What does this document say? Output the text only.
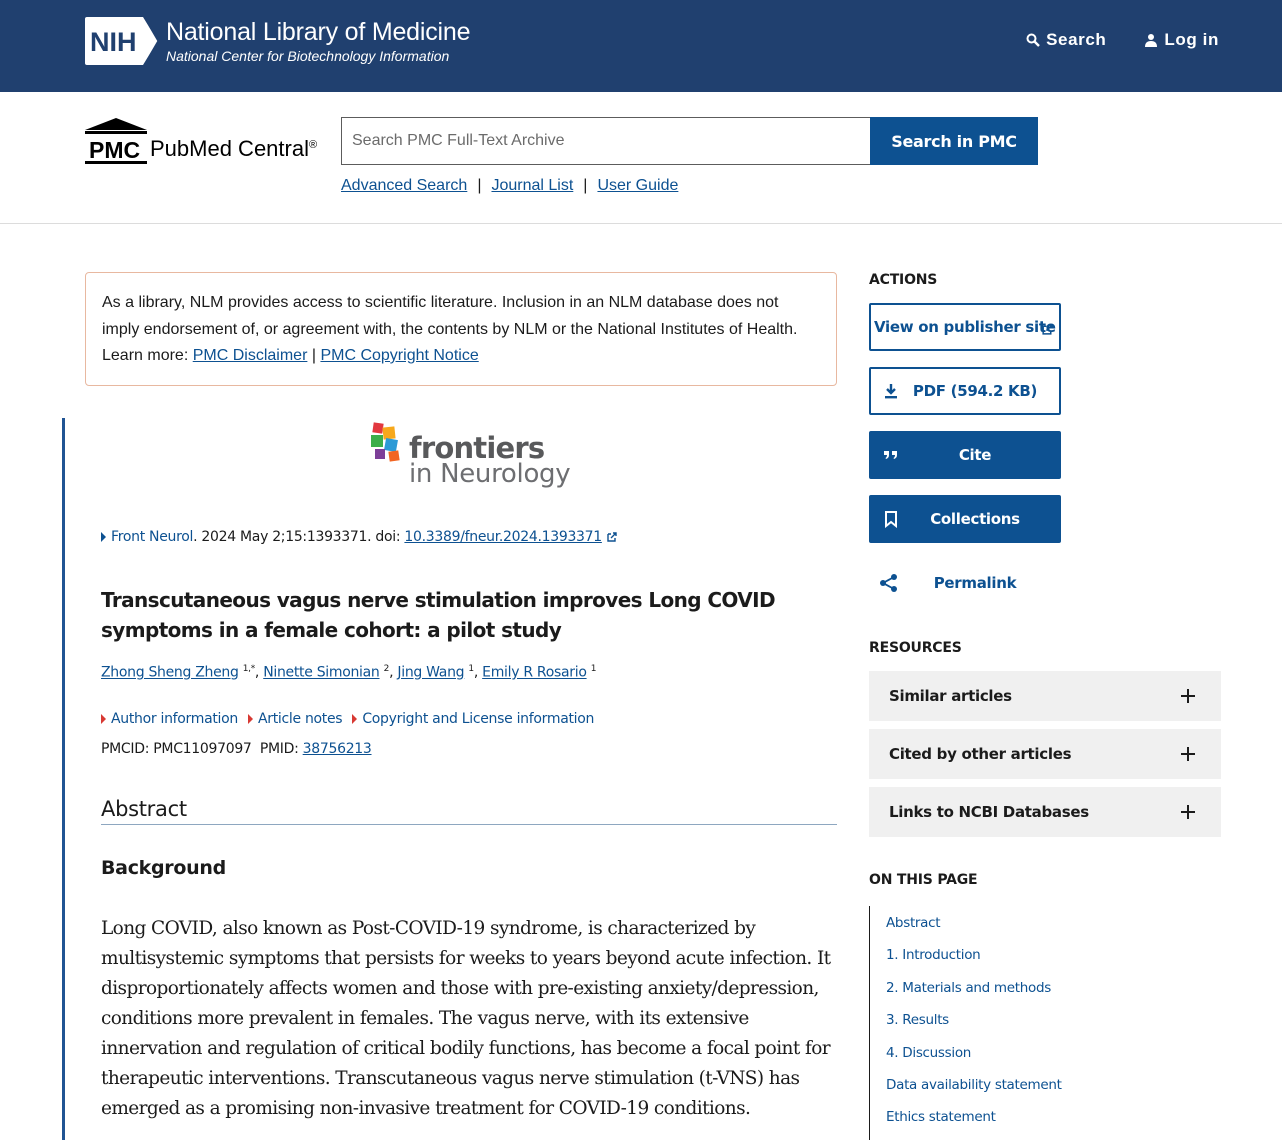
NIH National Library of Medicine
National Center for Biotechnology Information
Search	Log in
PMC PubMed Central®
Search PMC Full-Text Archive	Search in PMC
Advanced Search | Journal List | User Guide
As a library, NLM provides access to scientific literature. Inclusion in an NLM database does not imply endorsement of, or agreement with, the contents by NLM or the National Institutes of Health. Learn more: PMC Disclaimer | PMC Copyright Notice
frontiers
in Neurology
Front Neurol . 2024 May 2;15:1393371. doi: 10.3389/fneur.2024.1393371
Transcutaneous vagus nerve stimulation improves Long COVID symptoms in a female cohort: a pilot study
Zhong Sheng Zheng $^{1,*}$, Ninette Simonian $^2$, Jing Wang $^1$, Emily R Rosario $^1$
Author information Article notes Copyright and License information
PMCID: PMC11097097 PMID: 38756213
Abstract
Background

Long COVID, also known as Post-COVID-19 syndrome, is characterized by multisystemic symptoms that persists for weeks to years beyond acute infection. It disproportionately affects women and those with pre-existing anxiety/depression, conditions more prevalent in females. The vagus nerve, with its extensive innervation and regulation of critical bodily functions, has become a focal point for therapeutic interventions. Transcutaneous vagus nerve stimulation (t-VNS) has emerged as a promising non-invasive treatment for COVID-19 conditions.

ACTIONS
View on publisher site
PDF (594.2 KB)
Cite
Collections
Permalink
RESOURCES
Similar articles
Cited by other articles
Links to NCBI Databases
ON THIS PAGE
Abstract
1. Introduction
2. Materials and methods
3. Results
4. Discussion
Data availability statement
Ethics statement
